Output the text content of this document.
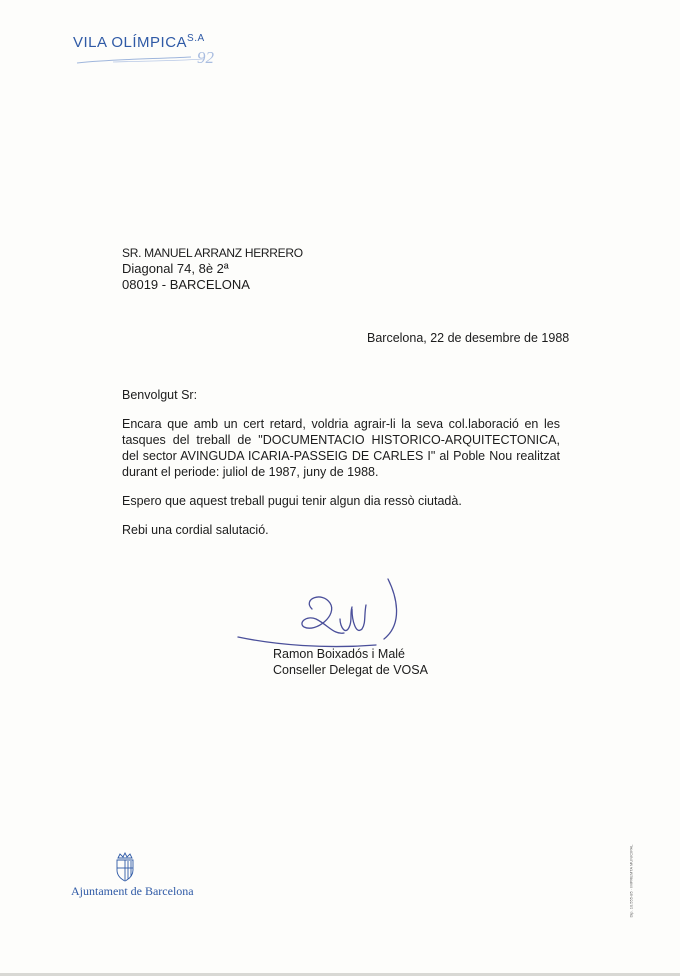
VILA $OLÍMPICA^{S.A}$
92
SR. MANUEL ARRANZ HERRERO
Diagonal 74, 8è 2ª
08019 - BARCELONA
Barcelona, 22 de desembre de 1988

Benvolgut Sr:

Encara que amb un cert retard, voldria agrair-li la seva col.laboració en les tasques del treball de "DOCUMENTACIO HISTORICO-ARQUITECTONICA, del sector AVINGUDA ICARIA-PASSEIG DE CARLES I" al Poble Nou realitzat durant el periode: juliol de 1987, juny de 1988.

Espero que aquest treball pugui tenir algun dia ressò ciutadà.

Rebi una cordial salutació.

Ramon Boixadós i Malé
Conseller Delegat de VOSA
Ajuntament de Barcelona	Dip. 10.555-85 · IMPREMTA MUNICIPAL
